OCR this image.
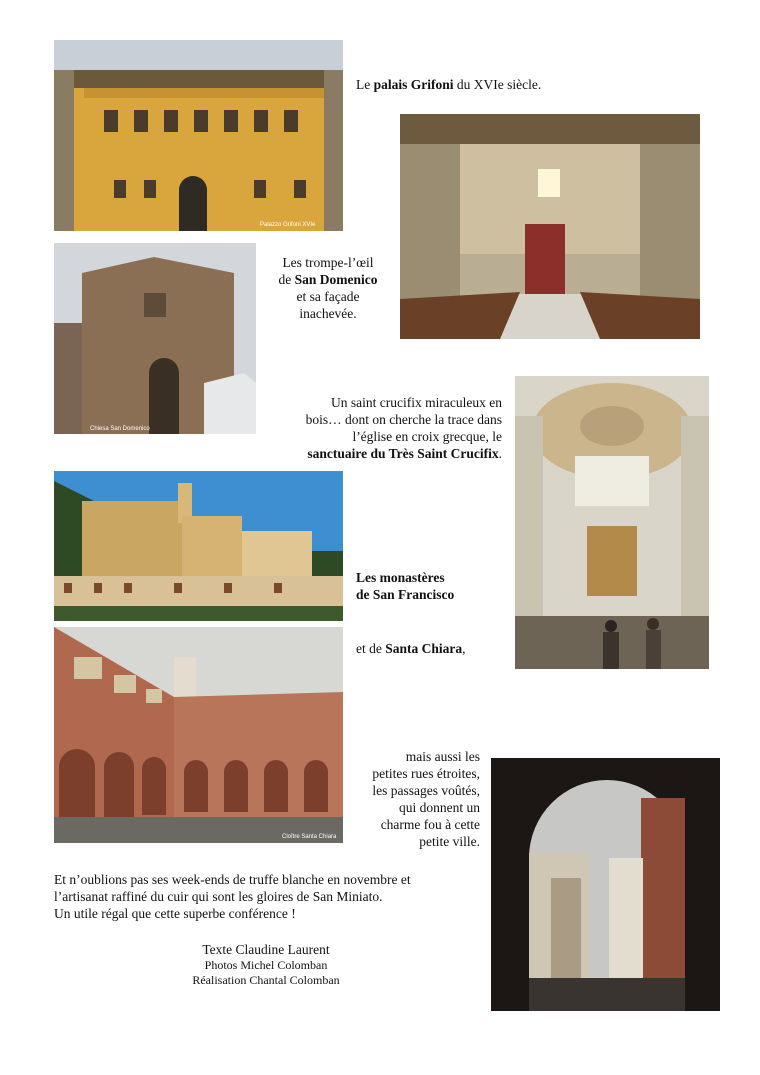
Palazzo Grifoni XVIe
Le palais Grifoni du XVIe siècle.
Chiesa San Domenico
Les trompe-l’œil
de San Domenico
et sa façade
inachevée.
Un saint crucifix miraculeux en
bois… dont on cherche la trace dans
l’église en croix grecque, le
sanctuaire du Très Saint Crucifix.
Les monastères
de San Francisco
Cloître Santa Chiara
et de Santa Chiara,
mais aussi les
petites rues étroites,
les passages voûtés,
qui donnent un
charme fou à cette
petite ville.
Et n’oublions pas ses week-ends de truffe blanche en novembre et
l’artisanat raffiné du cuir qui sont les gloires de San Miniato.
Un utile régal que cette superbe conférence !
Texte Claudine Laurent
Photos Michel Colomban
Réalisation Chantal Colomban
